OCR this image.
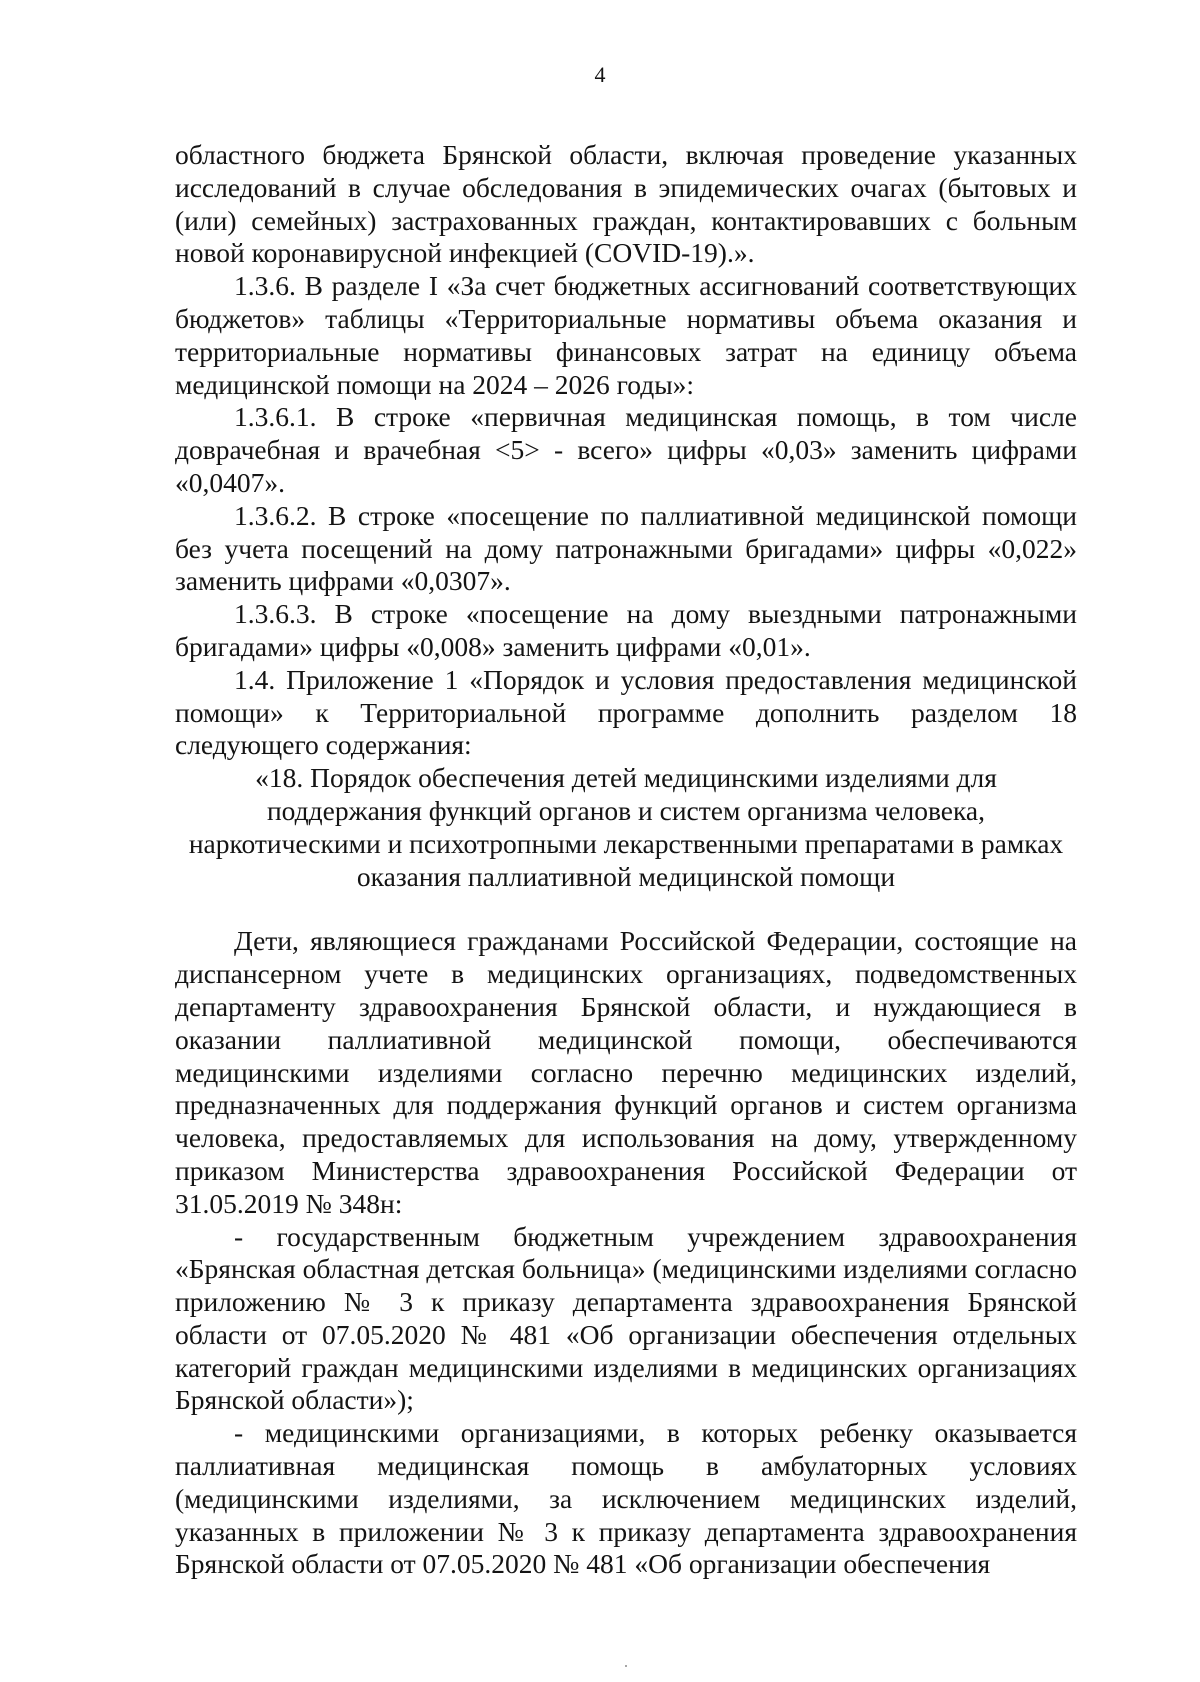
4

областного бюджета Брянской области, включая проведение указанных исследований в случае обследования в эпидемических очагах (бытовых и (или) семейных) застрахованных граждан, контактировавших с больным новой коронавирусной инфекцией (COVID-19).».

1.3.6. В разделе I «За счет бюджетных ассигнований соответствующих бюджетов» таблицы «Территориальные нормативы объема оказания и территориальные нормативы финансовых затрат на единицу объема медицинской помощи на 2024 – 2026 годы»:

1.3.6.1. В строке «первичная медицинская помощь, в том числе доврачебная и врачебная <5> - всего» цифры «0,03» заменить цифрами «0,0407».

1.3.6.2. В строке «посещение по паллиативной медицинской помощи без учета посещений на дому патронажными бригадами» цифры «0,022» заменить цифрами «0,0307».

1.3.6.3. В строке «посещение на дому выездными патронажными бригадами» цифры «0,008» заменить цифрами «0,01».

1.4. Приложение 1 «Порядок и условия предоставления медицинской помощи» к Территориальной программе дополнить разделом 18 следующего содержания:

«18. Порядок обеспечения детей медицинскими изделиями для поддержания функций органов и систем организма человека, наркотическими и психотропными лекарственными препаратами в рамках оказания паллиативной медицинской помощи

Дети, являющиеся гражданами Российской Федерации, состоящие на диспансерном учете в медицинских организациях, подведомственных департаменту здравоохранения Брянской области, и нуждающиеся в оказании паллиативной медицинской помощи, обеспечиваются медицинскими изделиями согласно перечню медицинских изделий, предназначенных для поддержания функций органов и систем организма человека, предоставляемых для использования на дому, утвержденному приказом Министерства здравоохранения Российской Федерации от 31.05.2019 № 348н:

- государственным бюджетным учреждением здравоохранения «Брянская областная детская больница» (медицинскими изделиями согласно приложению № 3 к приказу департамента здравоохранения Брянской области от 07.05.2020 № 481 «Об организации обеспечения отдельных категорий граждан медицинскими изделиями в медицинских организациях Брянской области»);

- медицинскими организациями, в которых ребенку оказывается паллиативная медицинская помощь в амбулаторных условиях (медицинскими изделиями, за исключением медицинских изделий, указанных в приложении № 3 к приказу департамента здравоохранения Брянской области от 07.05.2020 № 481 «Об организации обеспечения
